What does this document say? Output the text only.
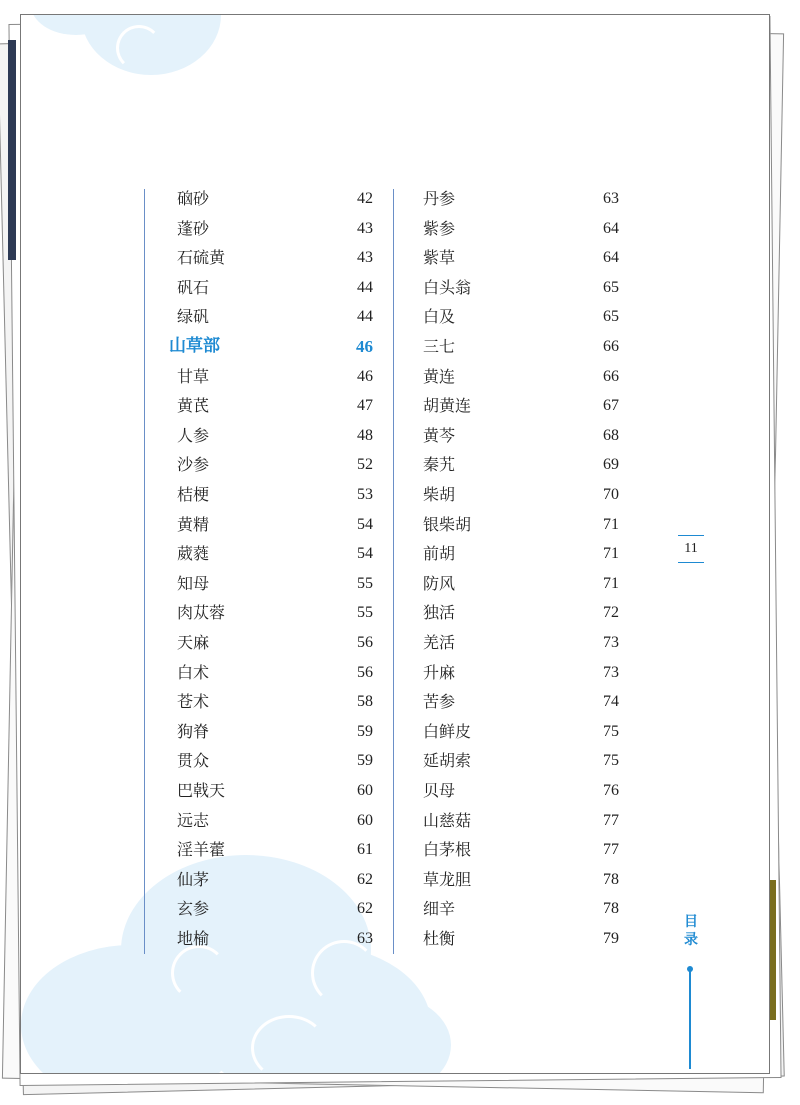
硇砂	42
蓬砂	43
石硫黄	43
矾石	44
绿矾	44
山草部	46
甘草	46
黄芪	47
人参	48
沙参	52
桔梗	53
黄精	54
葳蕤	54
知母	55
肉苁蓉	55
天麻	56
白术	56
苍术	58
狗脊	59
贯众	59
巴戟天	60
远志	60
淫羊藿	61
仙茅	62
玄参	62
地榆	63
丹参	63
紫参	64
紫草	64
白头翁	65
白及	65
三七	66
黄连	66
胡黄连	67
黄芩	68
秦艽	69
柴胡	70
银柴胡	71
前胡	71
防风	71
独活	72
羌活	73
升麻	73
苦参	74
白鲜皮	75
延胡索	75
贝母	76
山慈菇	77
白茅根	77
草龙胆	78
细辛	78
杜衡	79
11
目
录
